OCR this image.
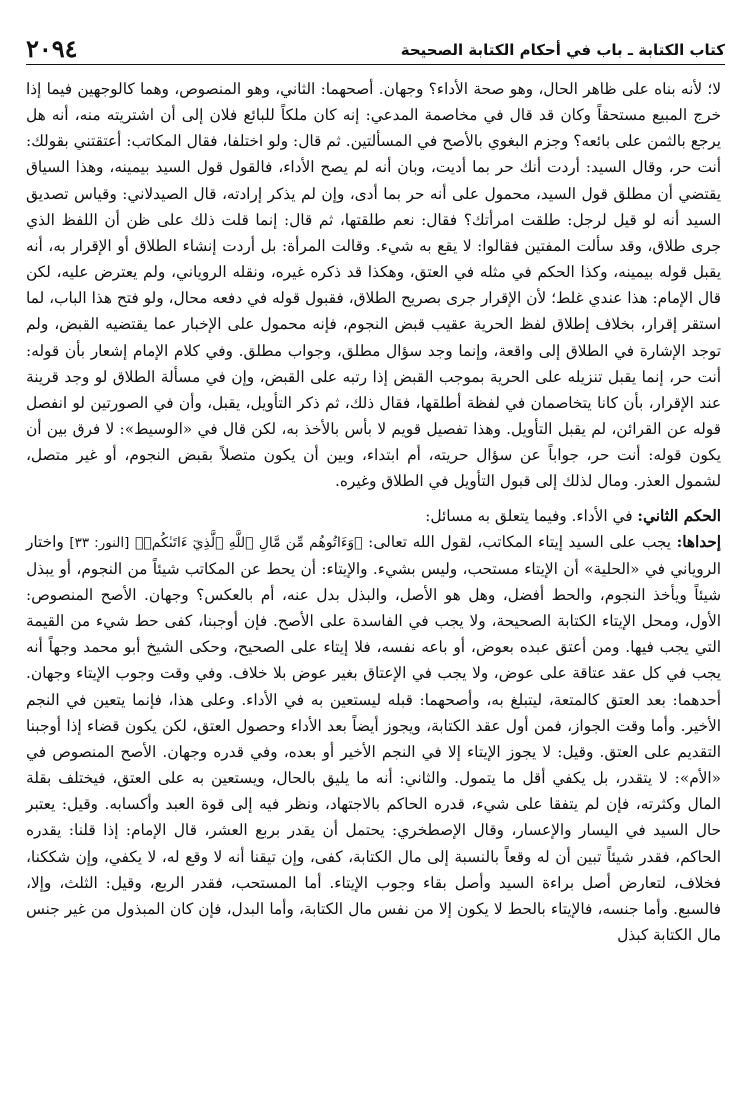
كتاب الكتابة ـ باب في أحكام الكتابة الصحيحة
٢٠٩٤

لا؛ لأنه بناه على ظاهر الحال، وهو صحة الأداء؟ وجهان. أصحهما: الثاني، وهو المنصوص، وهما كالوجهين فيما إذا خرج المبيع مستحقاً وكان قد قال في مخاصمة المدعي: إنه كان ملكاً للبائع فلان إلى أن اشتريته منه، أنه هل يرجع بالثمن على بائعه؟ وجزم البغوي بالأصح في المسألتين. ثم قال: ولو اختلفا، فقال المكاتب: أعتقتني بقولك: أنت حر، وقال السيد: أردت أنك حر بما أديت، وبان أنه لم يصح الأداء، فالقول قول السيد بيمينه، وهذا السياق يقتضي أن مطلق قول السيد، محمول على أنه حر بما أدى، وإن لم يذكر إرادته، قال الصيدلاني: وقياس تصديق السيد أنه لو قيل لرجل: طلقت امرأتك؟ فقال: نعم طلقتها، ثم قال: إنما قلت ذلك على ظن أن اللفظ الذي جرى طلاق، وقد سألت المفتين فقالوا: لا يقع به شيء. وقالت المرأة: بل أردت إنشاء الطلاق أو الإقرار به، أنه يقبل قوله بيمينه، وكذا الحكم في مثله في العتق، وهكذا قد ذكره غيره، ونقله الروياني، ولم يعترض عليه، لكن قال الإمام: هذا عندي غلط؛ لأن الإقرار جرى بصريح الطلاق، فقبول قوله في دفعه محال، ولو فتح هذا الباب، لما استقر إقرار، بخلاف إطلاق لفظ الحرية عقيب قبض النجوم، فإنه محمول على الإخبار عما يقتضيه القبض، ولم توجد الإشارة في الطلاق إلى واقعة، وإنما وجد سؤال مطلق، وجواب مطلق. وفي كلام الإمام إشعار بأن قوله: أنت حر، إنما يقبل تنزيله على الحرية بموجب القبض إذا رتبه على القبض، وإن في مسألة الطلاق لو وجد قرينة عند الإقرار، بأن كانا يتخاصمان في لفظة أطلقها، فقال ذلك، ثم ذكر التأويل، يقبل، وأن في الصورتين لو انفصل قوله عن القرائن، لم يقبل التأويل. وهذا تفصيل قويم لا بأس بالأخذ به، لكن قال في «الوسيط»: لا فرق بين أن يكون قوله: أنت حر، جواباً عن سؤال حريته، أم ابتداء، وبين أن يكون متصلاً بقبض النجوم، أو غير متصل، لشمول العذر. ومال لذلك إلى قبول التأويل في الطلاق وغيره.

الحكم الثاني: في الأداء. وفيما يتعلق به مسائل:

إحداها: يجب على السيد إيتاء المكاتب، لقول الله تعالى: ﴿وَءَاتُوهُم مِّن مَّالِ ٱللَّهِ ٱلَّذِيٓ ءَاتَىٰكُمۡ﴾ [النور: ٣٣] واختار الروياني في «الحلية» أن الإيتاء مستحب، وليس بشيء. والإيتاء: أن يحط عن المكاتب شيئاً من النجوم، أو يبذل شيئاً ويأخذ النجوم، والحط أفضل، وهل هو الأصل، والبذل بدل عنه، أم بالعكس؟ وجهان. الأصح المنصوص: الأول، ومحل الإيتاء الكتابة الصحيحة، ولا يجب في الفاسدة على الأصح. فإن أوجبنا، كفى حط شيء من القيمة التي يجب فيها. ومن أعتق عبده بعوض، أو باعه نفسه، فلا إيتاء على الصحيح، وحكى الشيخ أبو محمد وجهاً أنه يجب في كل عقد عتاقة على عوض، ولا يجب في الإعتاق بغير عوض بلا خلاف. وفي وقت وجوب الإيتاء وجهان. أحدهما: بعد العتق كالمتعة، ليتبلغ به، وأصحهما: قبله ليستعين به في الأداء. وعلى هذا، فإنما يتعين في النجم الأخير. وأما وقت الجواز، فمن أول عقد الكتابة، ويجوز أيضاً بعد الأداء وحصول العتق، لكن يكون قضاء إذا أوجبنا التقديم على العتق. وقيل: لا يجوز الإيتاء إلا في النجم الأخير أو بعده، وفي قدره وجهان. الأصح المنصوص في «الأم»: لا يتقدر، بل يكفي أقل ما يتمول. والثاني: أنه ما يليق بالحال، ويستعين به على العتق، فيختلف بقلة المال وكثرته، فإن لم يتفقا على شيء، قدره الحاكم بالاجتهاد، ونظر فيه إلى قوة العبد وأكسابه. وقيل: يعتبر حال السيد في اليسار والإعسار، وقال الإصطخري: يحتمل أن يقدر بربع العشر، قال الإمام: إذا قلنا: يقدره الحاكم، فقدر شيئاً تبين أن له وقعاً بالنسبة إلى مال الكتابة، كفى، وإن تيقنا أنه لا وقع له، لا يكفي، وإن شككنا، فخلاف، لتعارض أصل براءة السيد وأصل بقاء وجوب الإيتاء. أما المستحب، فقدر الربع، وقيل: الثلث، وإلا، فالسبع. وأما جنسه، فالإيتاء بالحط لا يكون إلا من نفس مال الكتابة، وأما البدل، فإن كان المبذول من غير جنس مال الكتابة كبذل
